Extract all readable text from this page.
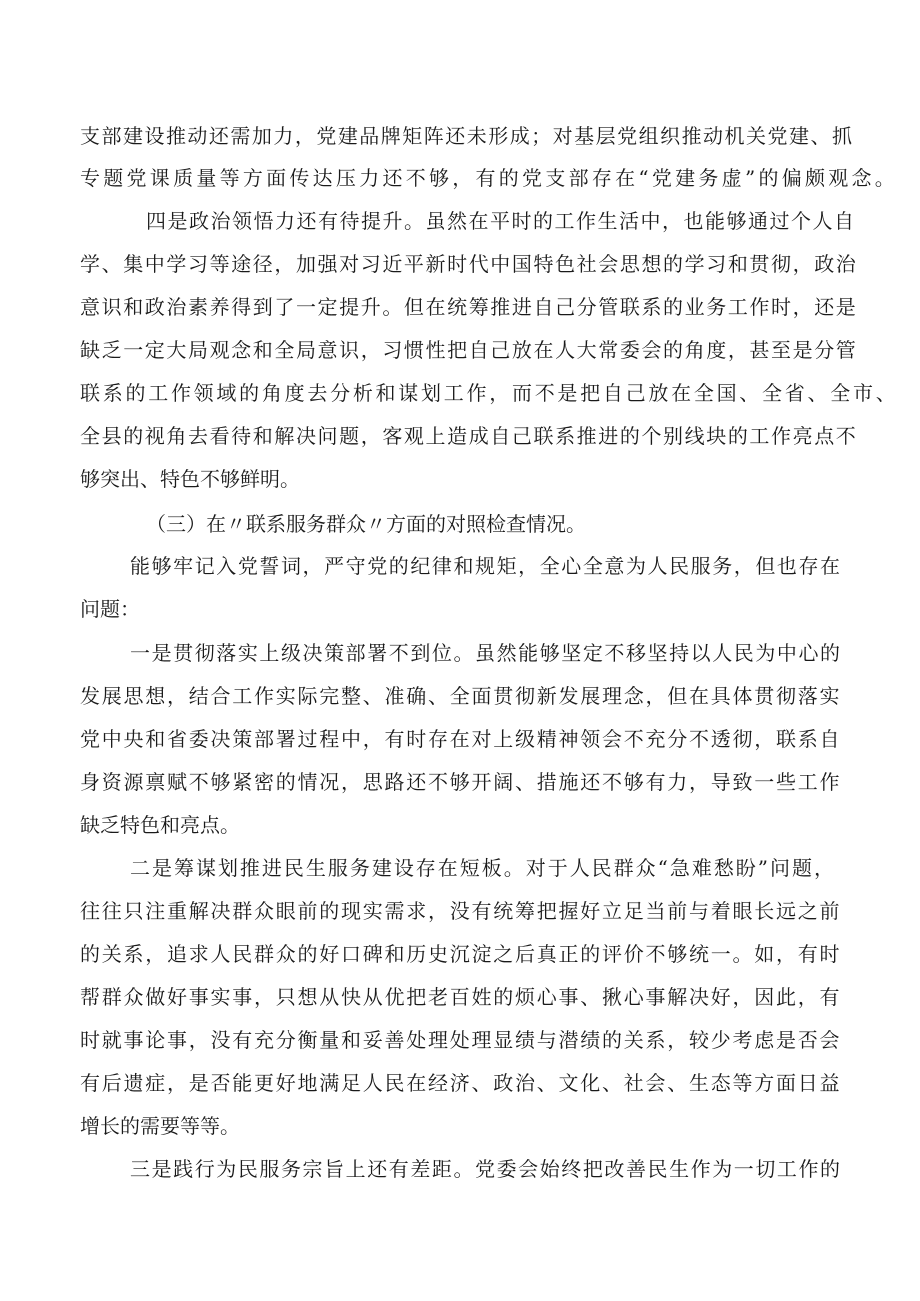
支 部 建 设 推 动 还 需 加 力 ， 党 建 品 牌 矩 阵 还 未 形 成 ； 对 基 层 党 组 织 推 动 机 关 党 建 、 抓
专 题 党 课 质 量 等 方 面 传 达 压 力 还 不 够 ， 有 的 党 支 部 存 在 “ 党 建 务 虚 ” 的 偏 颇 观 念 。
四 是 政 治 领 悟 力 还 有 待 提 升 。 虽 然 在 平 时 的 工 作 生 活 中 ， 也 能 够 通 过 个 人 自
学 、 集 中 学 习 等 途 径 ， 加 强 对 习 近 平 新 时 代 中 国 特 色 社 会 思 想 的 学 习 和 贯 彻 ， 政 治
意 识 和 政 治 素 养 得 到 了 一 定 提 升 。 但 在 统 筹 推 进 自 己 分 管 联 系 的 业 务 工 作 时 ， 还 是
缺 乏 一 定 大 局 观 念 和 全 局 意 识 ， 习 惯 性 把 自 己 放 在 人 大 常 委 会 的 角 度 ， 甚 至 是 分 管
联 系 的 工 作 领 域 的 角 度 去 分 析 和 谋 划 工 作 ， 而 不 是 把 自 己 放 在 全 国 、 全 省 、 全 市 、
全 县 的 视 角 去 看 待 和 解 决 问 题 ， 客 观 上 造 成 自 己 联 系 推 进 的 个 别 线 块 的 工 作 亮 点 不
够突出、特色不够鲜明。
（三）在〃联系服务群众〃方面的对照检查情况。
能 够 牢 记 入 党 誓 词 ， 严 守 党 的 纪 律 和 规 矩 ， 全 心 全 意 为 人 民 服 务 ， 但 也 存 在
问题：
一 是 贯 彻 落 实 上 级 决 策 部 署 不 到 位 。 虽 然 能 够 坚 定 不 移 坚 持 以 人 民 为 中 心 的
发 展 思 想 ， 结 合 工 作 实 际 完 整 、 准 确 、 全 面 贯 彻 新 发 展 理 念 ， 但 在 具 体 贯 彻 落 实
党 中 央 和 省 委 决 策 部 署 过 程 中 ， 有 时 存 在 对 上 级 精 神 领 会 不 充 分 不 透 彻 ， 联 系 自
身 资 源 禀 赋 不 够 紧 密 的 情 况 ， 思 路 还 不 够 开 阔 、 措 施 还 不 够 有 力 ， 导 致 一 些 工 作
缺乏特色和亮点。
二 是 筹 谋 划 推 进 民 生 服 务 建 设 存 在 短 板 。 对 于 人 民 群 众 “ 急 难 愁 盼 ” 问 题 ，
往 往 只 注 重 解 决 群 众 眼 前 的 现 实 需 求 ， 没 有 统 筹 把 握 好 立 足 当 前 与 着 眼 长 远 之 前
的 关 系 ， 追 求 人 民 群 众 的 好 口 碑 和 历 史 沉 淀 之 后 真 正 的 评 价 不 够 统 一 。 如 ， 有 时
帮 群 众 做 好 事 实 事 ， 只 想 从 快 从 优 把 老 百 姓 的 烦 心 事 、 揪 心 事 解 决 好 ， 因 此 ， 有
时 就 事 论 事 ， 没 有 充 分 衡 量 和 妥 善 处 理 处 理 显 绩 与 潜 绩 的 关 系 ， 较 少 考 虑 是 否 会
有 后 遗 症 ， 是 否 能 更 好 地 满 足 人 民 在 经 济 、 政 治 、 文 化 、 社 会 、 生 态 等 方 面 日 益
增长的需要等等。
三 是 践 行 为 民 服 务 宗 旨 上 还 有 差 距 。 党 委 会 始 终 把 改 善 民 生 作 为 一 切 工 作 的
